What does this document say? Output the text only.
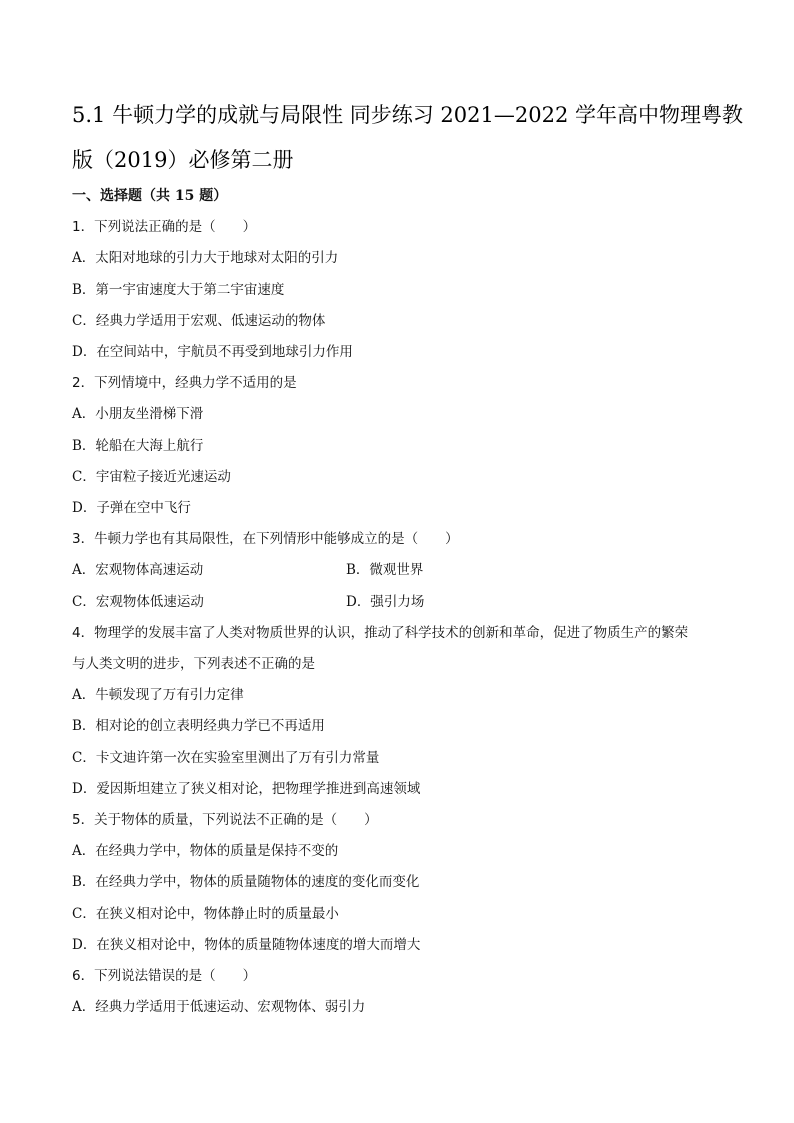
5.1 牛顿力学的成就与局限性 同步练习 2021—2022 学年高中物理粤教
版（2019）必修第二册
一、选择题（共 15 题）
1．下列说法正确的是（　　）
A．太阳对地球的引力大于地球对太阳的引力
B．第一宇宙速度大于第二宇宙速度
C．经典力学适用于宏观、低速运动的物体
D．在空间站中，宇航员不再受到地球引力作用
2．下列情境中，经典力学不适用的是
A．小朋友坐滑梯下滑
B．轮船在大海上航行
C．宇宙粒子接近光速运动
D．子弹在空中飞行
3．牛顿力学也有其局限性，在下列情形中能够成立的是（　　）
A．宏观物体高速运动	B．微观世界
C．宏观物体低速运动	D．强引力场
4．物理学的发展丰富了人类对物质世界的认识，推动了科学技术的创新和革命，促进了物质生产的繁荣
与人类文明的进步，下列表述不正确的是
A．牛顿发现了万有引力定律
B．相对论的创立表明经典力学已不再适用
C．卡文迪许第一次在实验室里测出了万有引力常量
D．爱因斯坦建立了狭义相对论，把物理学推进到高速领域
5．关于物体的质量，下列说法不正确的是（　　）
A．在经典力学中，物体的质量是保持不变的
B．在经典力学中，物体的质量随物体的速度的变化而变化
C．在狭义相对论中，物体静止时的质量最小
D．在狭义相对论中，物体的质量随物体速度的增大而增大
6．下列说法错误的是（　　）
A．经典力学适用于低速运动、宏观物体、弱引力
